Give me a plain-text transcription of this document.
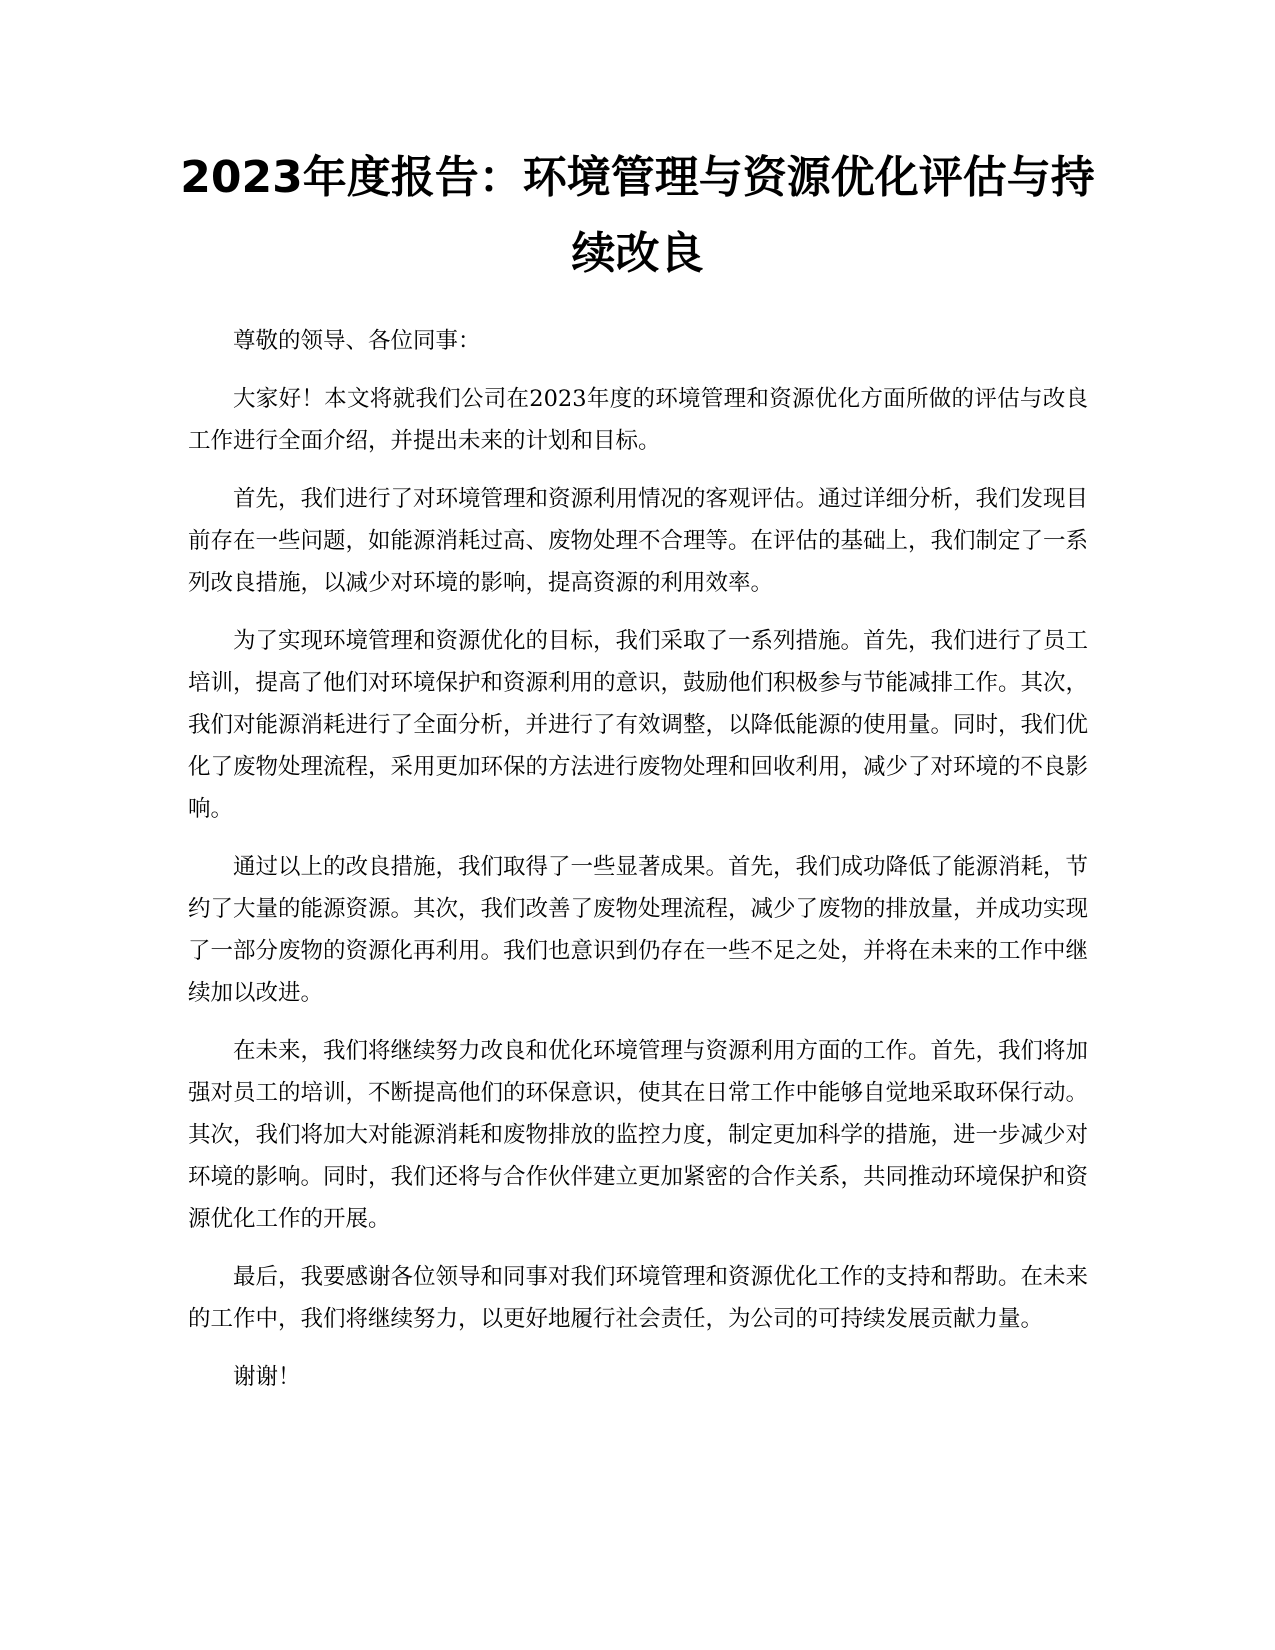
2023年度报告：环境管理与资源优化评估与持续改良

尊敬的领导、各位同事：

大家好！本文将就我们公司在2023年度的环境管理和资源优化方面所做的评估与改良工作进行全面介绍，并提出未来的计划和目标。

首先，我们进行了对环境管理和资源利用情况的客观评估。通过详细分析，我们发现目前存在一些问题，如能源消耗过高、废物处理不合理等。在评估的基础上，我们制定了一系列改良措施，以减少对环境的影响，提高资源的利用效率。

为了实现环境管理和资源优化的目标，我们采取了一系列措施。首先，我们进行了员工培训，提高了他们对环境保护和资源利用的意识，鼓励他们积极参与节能减排工作。其次，我们对能源消耗进行了全面分析，并进行了有效调整，以降低能源的使用量。同时，我们优化了废物处理流程，采用更加环保的方法进行废物处理和回收利用，减少了对环境的不良影响。

通过以上的改良措施，我们取得了一些显著成果。首先，我们成功降低了能源消耗，节约了大量的能源资源。其次，我们改善了废物处理流程，减少了废物的排放量，并成功实现了一部分废物的资源化再利用。我们也意识到仍存在一些不足之处，并将在未来的工作中继续加以改进。

在未来，我们将继续努力改良和优化环境管理与资源利用方面的工作。首先，我们将加强对员工的培训，不断提高他们的环保意识，使其在日常工作中能够自觉地采取环保行动。其次，我们将加大对能源消耗和废物排放的监控力度，制定更加科学的措施，进一步减少对环境的影响。同时，我们还将与合作伙伴建立更加紧密的合作关系，共同推动环境保护和资源优化工作的开展。

最后，我要感谢各位领导和同事对我们环境管理和资源优化工作的支持和帮助。在未来的工作中，我们将继续努力，以更好地履行社会责任，为公司的可持续发展贡献力量。

谢谢！
